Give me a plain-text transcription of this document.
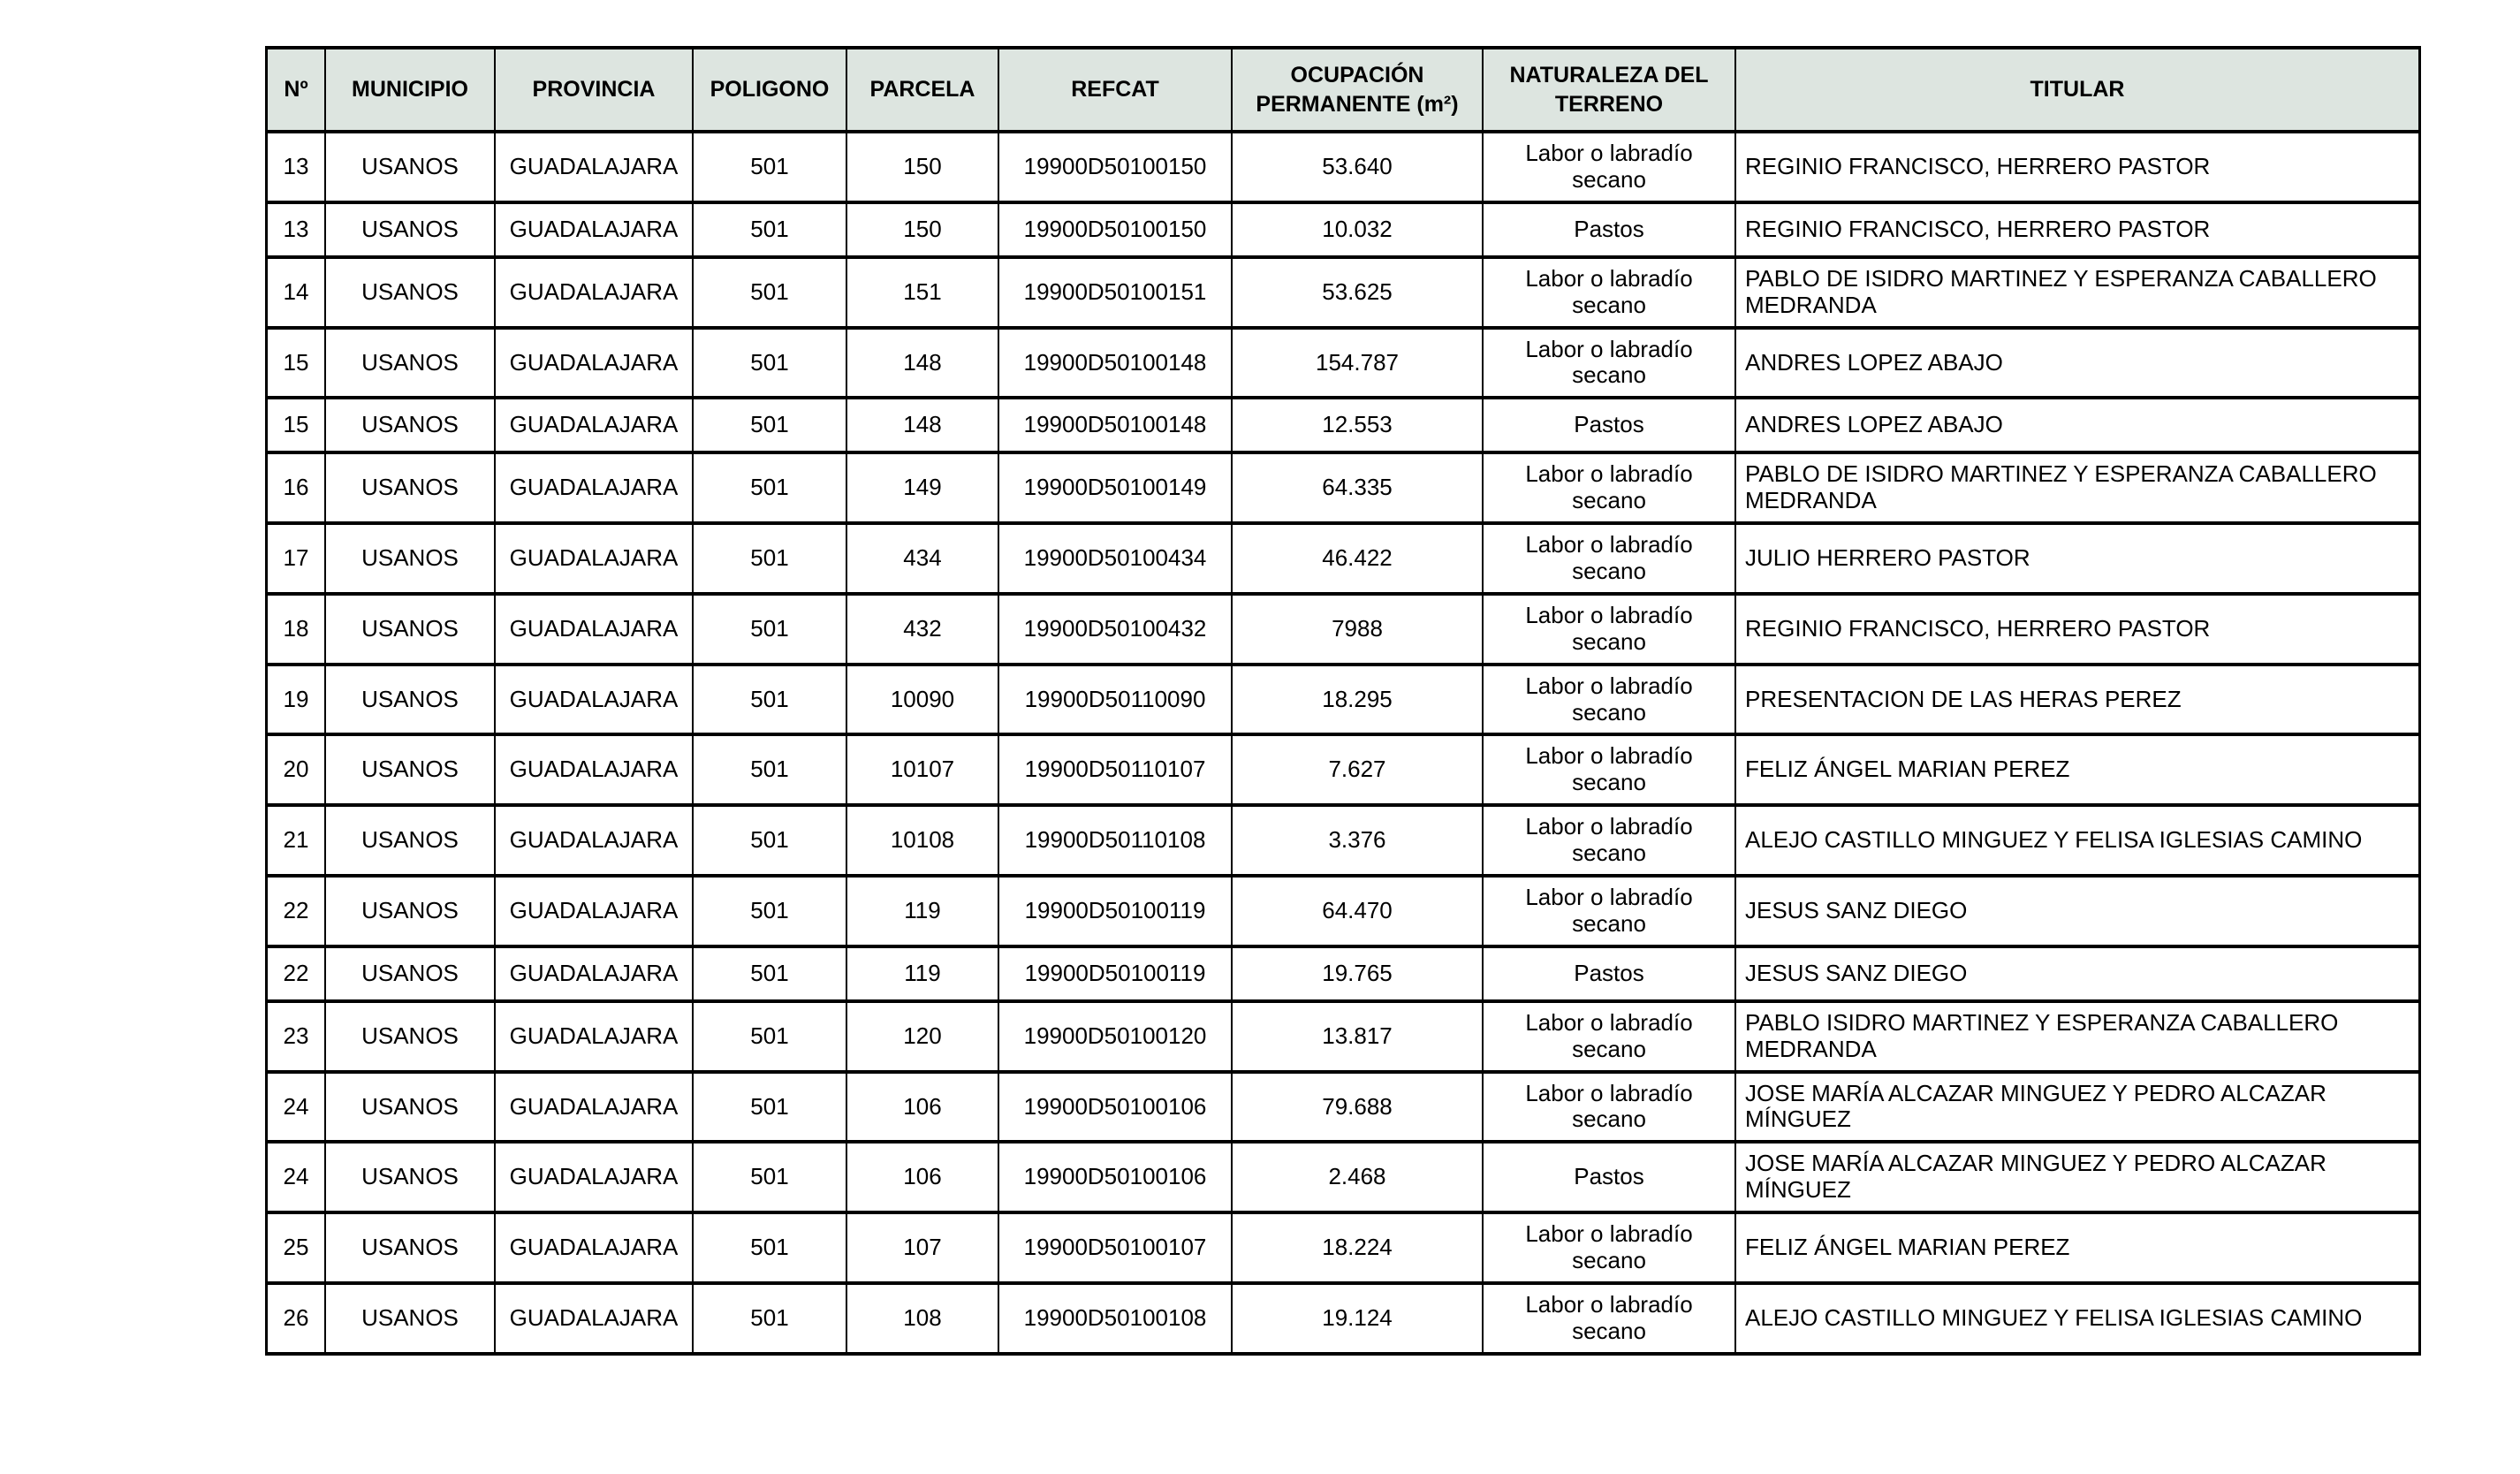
Nº	MUNICIPIO	PROVINCIA	POLIGONO	PARCELA	REFCAT	OCUPACIÓN PERMANENTE (m²)	NATURALEZA DEL TERRENO	TITULAR
13	USANOS	GUADALAJARA	501	150	19900D50100150	53.640	Labor o labradío secano	REGINIO FRANCISCO, HERRERO PASTOR
13	USANOS	GUADALAJARA	501	150	19900D50100150	10.032	Pastos	REGINIO FRANCISCO, HERRERO PASTOR
14	USANOS	GUADALAJARA	501	151	19900D50100151	53.625	Labor o labradío secano	PABLO DE ISIDRO MARTINEZ Y ESPERANZA CABALLERO MEDRANDA
15	USANOS	GUADALAJARA	501	148	19900D50100148	154.787	Labor o labradío secano	ANDRES LOPEZ ABAJO
15	USANOS	GUADALAJARA	501	148	19900D50100148	12.553	Pastos	ANDRES LOPEZ ABAJO
16	USANOS	GUADALAJARA	501	149	19900D50100149	64.335	Labor o labradío secano	PABLO DE ISIDRO MARTINEZ Y ESPERANZA CABALLERO MEDRANDA
17	USANOS	GUADALAJARA	501	434	19900D50100434	46.422	Labor o labradío secano	JULIO HERRERO PASTOR
18	USANOS	GUADALAJARA	501	432	19900D50100432	7988	Labor o labradío secano	REGINIO FRANCISCO, HERRERO PASTOR
19	USANOS	GUADALAJARA	501	10090	19900D50110090	18.295	Labor o labradío secano	PRESENTACION DE LAS HERAS PEREZ
20	USANOS	GUADALAJARA	501	10107	19900D50110107	7.627	Labor o labradío secano	FELIZ ÁNGEL MARIAN PEREZ
21	USANOS	GUADALAJARA	501	10108	19900D50110108	3.376	Labor o labradío secano	ALEJO CASTILLO MINGUEZ Y FELISA IGLESIAS CAMINO
22	USANOS	GUADALAJARA	501	119	19900D50100119	64.470	Labor o labradío secano	JESUS SANZ DIEGO
22	USANOS	GUADALAJARA	501	119	19900D50100119	19.765	Pastos	JESUS SANZ DIEGO
23	USANOS	GUADALAJARA	501	120	19900D50100120	13.817	Labor o labradío secano	PABLO ISIDRO MARTINEZ Y ESPERANZA CABALLERO MEDRANDA
24	USANOS	GUADALAJARA	501	106	19900D50100106	79.688	Labor o labradío secano	JOSE MARÍA ALCAZAR MINGUEZ Y PEDRO ALCAZAR MÍNGUEZ
24	USANOS	GUADALAJARA	501	106	19900D50100106	2.468	Pastos	JOSE MARÍA ALCAZAR MINGUEZ Y PEDRO ALCAZAR MÍNGUEZ
25	USANOS	GUADALAJARA	501	107	19900D50100107	18.224	Labor o labradío secano	FELIZ ÁNGEL MARIAN PEREZ
26	USANOS	GUADALAJARA	501	108	19900D50100108	19.124	Labor o labradío secano	ALEJO CASTILLO MINGUEZ Y FELISA IGLESIAS CAMINO
